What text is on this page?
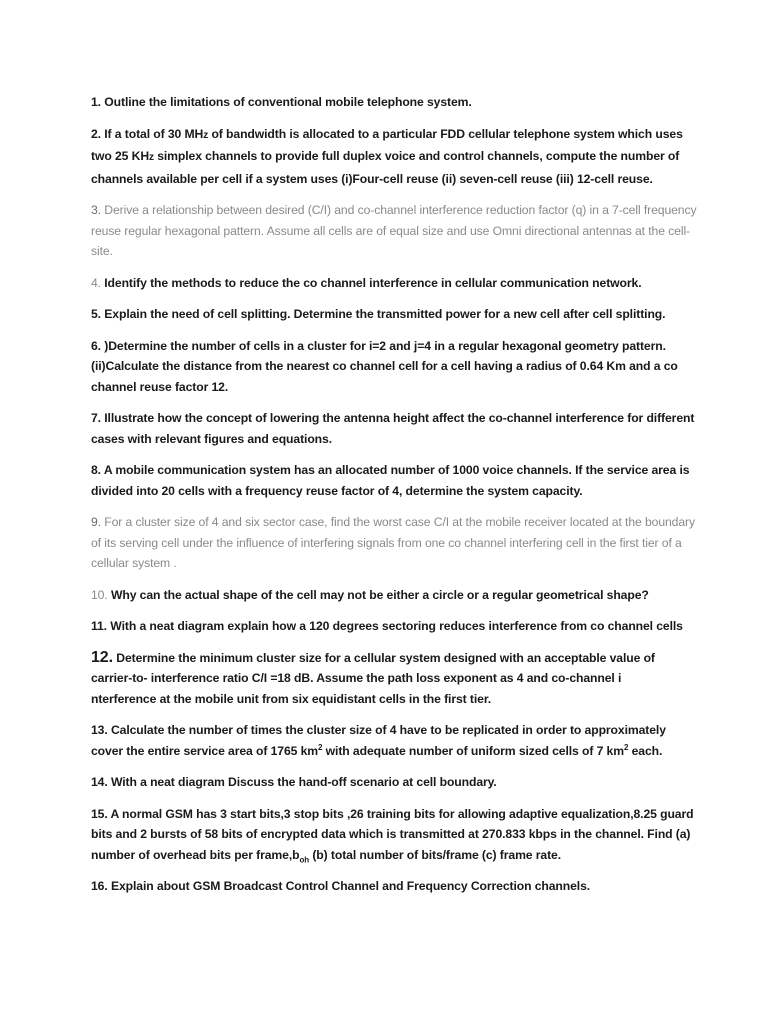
1. Outline the limitations of conventional mobile telephone system.

2. If a total of 30 MHz of bandwidth is allocated to a particular FDD cellular telephone system which uses two 25 KHz simplex channels to provide full duplex voice and control channels, compute the number of channels available per cell if a system uses (i)Four-cell reuse (ii) seven-cell reuse (iii) 12-cell reuse.

3. Derive a relationship between desired (C/I) and co-channel interference reduction factor (q) in a 7-cell frequency reuse regular hexagonal pattern. Assume all cells are of equal size and use Omni directional antennas at the cell-site.

4. Identify the methods to reduce the co channel interference in cellular communication network.

5. Explain the need of cell splitting. Determine the transmitted power for a new cell after cell splitting.

6. )Determine the number of cells in a cluster for i=2 and j=4 in a regular hexagonal geometry pattern.(ii)Calculate the distance from the nearest co channel cell for a cell having a radius of 0.64 Km and a co channel reuse factor 12.

7. Illustrate how the concept of lowering the antenna height affect the co-channel interference for different cases with relevant figures and equations.

8. A mobile communication system has an allocated number of 1000 voice channels. If the service area is divided into 20 cells with a frequency reuse factor of 4, determine the system capacity.

9. For a cluster size of 4 and six sector case, find the worst case C/I at the mobile receiver located at the boundary of its serving cell under the influence of interfering signals from one co channel interfering cell in the first tier of a cellular system .

10. Why can the actual shape of the cell may not be either a circle or a regular geometrical shape?

11. With a neat diagram explain how a 120 degrees sectoring reduces interference from co channel cells

12. Determine the minimum cluster size for a cellular system designed with an acceptable value of
carrier-to- interference ratio C/I =18 dB. Assume the path loss exponent as 4 and co-channel i
nterference at the mobile unit from six equidistant cells in the first tier.

13. Calculate the number of times the cluster size of 4 have to be replicated in order to approximately cover the entire service area of 1765 $km^2$ with adequate number of uniform sized cells of 7 $km^2$ each.

14. With a neat diagram Discuss the hand-off scenario at cell boundary.

15. A normal GSM has 3 start bits,3 stop bits ,26 training bits for allowing adaptive equalization,8.25 guard bits and 2 bursts of 58 bits of encrypted data which is transmitted at 270.833 kbps in the channel. Find (a) number of overhead bits per $frame,b_{oh}$ (b) total number of bits/frame (c) frame rate.

16. Explain about GSM Broadcast Control Channel and Frequency Correction channels.
